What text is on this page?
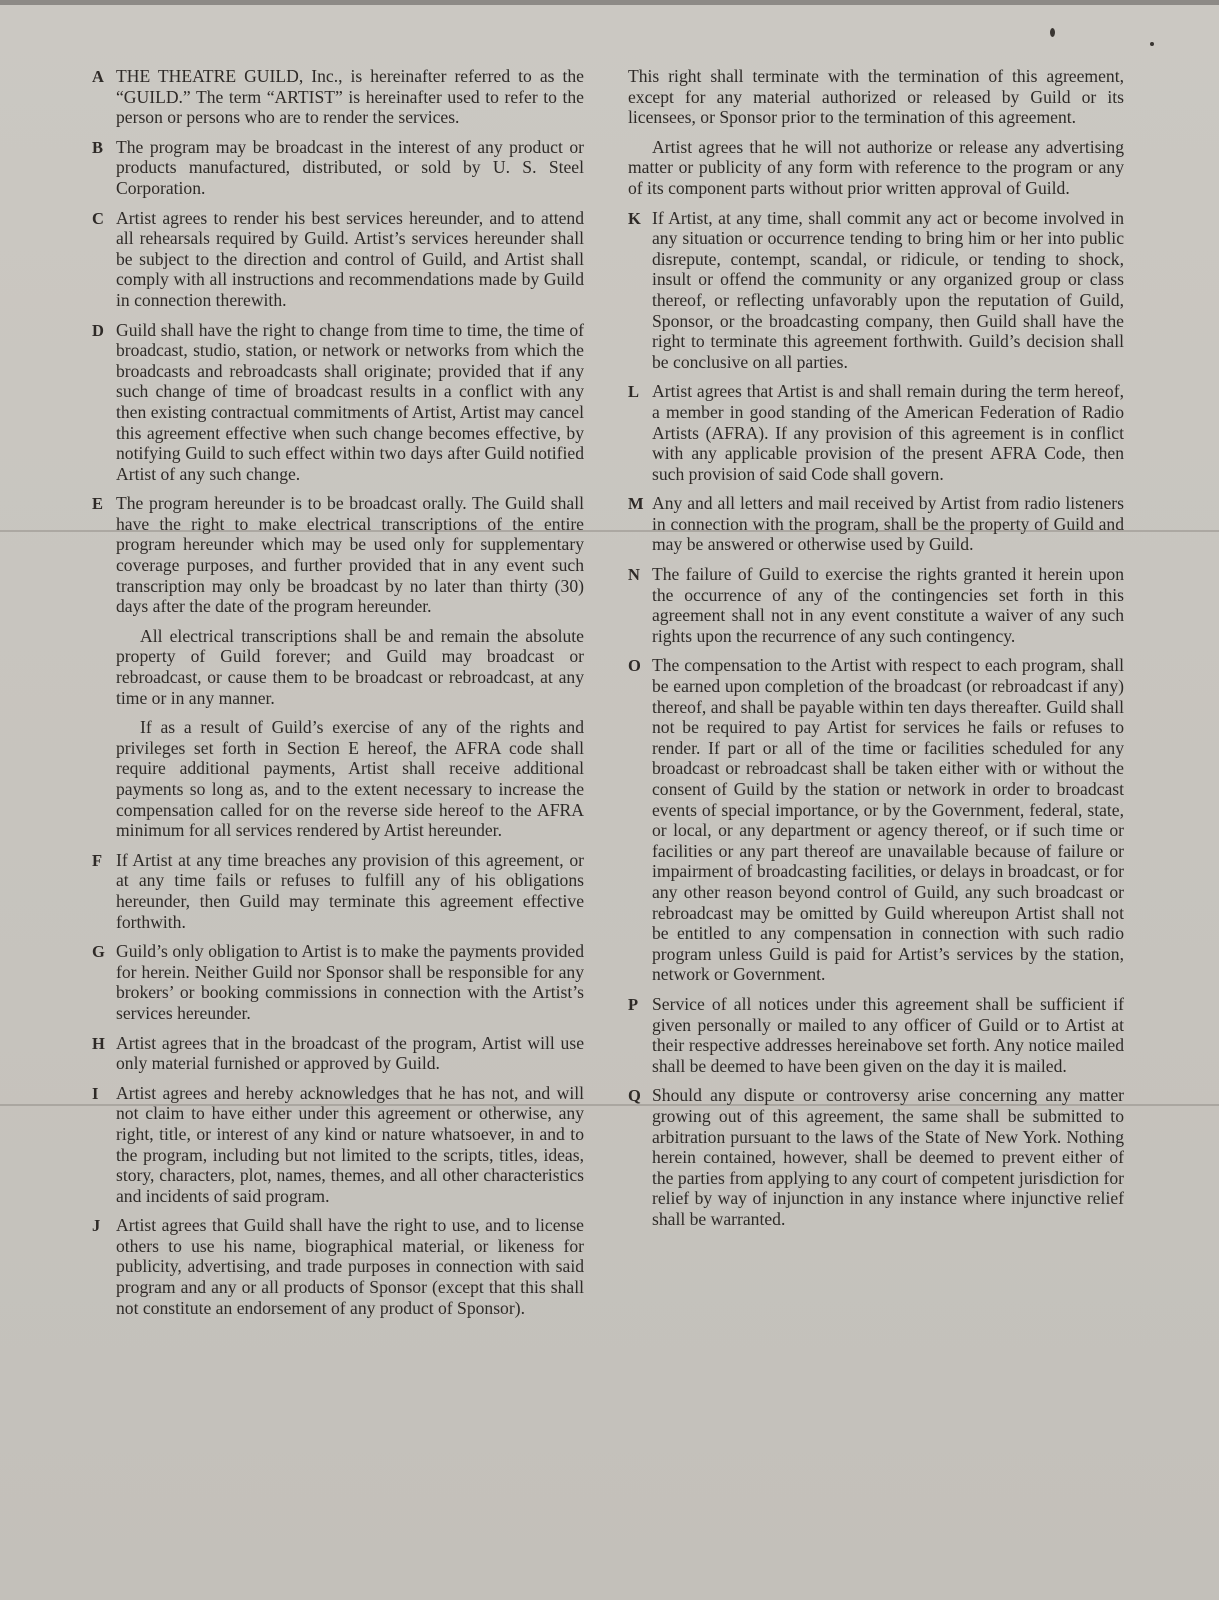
A THE THEATRE GUILD, Inc., is hereinafter referred to as the “GUILD.” The term “ARTIST” is hereinafter used to refer to the person or persons who are to render the services.
B The program may be broadcast in the interest of any product or products manufactured, distributed, or sold by U. S. Steel Corporation.
C Artist agrees to render his best services hereunder, and to attend all rehearsals required by Guild. Artist’s services hereunder shall be subject to the direction and control of Guild, and Artist shall comply with all instructions and recommendations made by Guild in connection therewith.
D Guild shall have the right to change from time to time, the time of broadcast, studio, station, or network or networks from which the broadcasts and rebroadcasts shall originate; provided that if any such change of time of broadcast results in a conflict with any then existing contractual commitments of Artist, Artist may cancel this agreement effective when such change becomes effective, by notifying Guild to such effect within two days after Guild notified Artist of any such change.
E The program hereunder is to be broadcast orally. The Guild shall have the right to make electrical transcriptions of the entire program hereunder which may be used only for supplementary coverage purposes, and further provided that in any event such transcription may only be broadcast by no later than thirty (30) days after the date of the program hereunder.
All electrical transcriptions shall be and remain the absolute property of Guild forever; and Guild may broadcast or rebroadcast, or cause them to be broadcast or rebroadcast, at any time or in any manner.
If as a result of Guild’s exercise of any of the rights and privileges set forth in Section E hereof, the AFRA code shall require additional payments, Artist shall receive additional payments so long as, and to the extent necessary to increase the compensation called for on the reverse side hereof to the AFRA minimum for all services rendered by Artist hereunder.
F If Artist at any time breaches any provision of this agreement, or at any time fails or refuses to fulfill any of his obligations hereunder, then Guild may terminate this agreement effective forthwith.
G Guild’s only obligation to Artist is to make the payments provided for herein. Neither Guild nor Sponsor shall be responsible for any brokers’ or booking commissions in connection with the Artist’s services hereunder.
H Artist agrees that in the broadcast of the program, Artist will use only material furnished or approved by Guild.
I Artist agrees and hereby acknowledges that he has not, and will not claim to have either under this agreement or otherwise, any right, title, or interest of any kind or nature whatsoever, in and to the program, including but not limited to the scripts, titles, ideas, story, characters, plot, names, themes, and all other characteristics and incidents of said program.
J Artist agrees that Guild shall have the right to use, and to license others to use his name, biographical material, or likeness for publicity, advertising, and trade purposes in connection with said program and any or all products of Sponsor (except that this shall not constitute an endorsement of any product of Sponsor).
This right shall terminate with the termination of this agreement, except for any material authorized or released by Guild or its licensees, or Sponsor prior to the termination of this agreement.
Artist agrees that he will not authorize or release any advertising matter or publicity of any form with reference to the program or any of its component parts without prior written approval of Guild.
K If Artist, at any time, shall commit any act or become involved in any situation or occurrence tending to bring him or her into public disrepute, contempt, scandal, or ridicule, or tending to shock, insult or offend the community or any organized group or class thereof, or reflecting unfavorably upon the reputation of Guild, Sponsor, or the broadcasting company, then Guild shall have the right to terminate this agreement forthwith. Guild’s decision shall be conclusive on all parties.
L Artist agrees that Artist is and shall remain during the term hereof, a member in good standing of the American Federation of Radio Artists (AFRA). If any provision of this agreement is in conflict with any applicable provision of the present AFRA Code, then such provision of said Code shall govern.
M Any and all letters and mail received by Artist from radio listeners in connection with the program, shall be the property of Guild and may be answered or otherwise used by Guild.
N The failure of Guild to exercise the rights granted it herein upon the occurrence of any of the contingencies set forth in this agreement shall not in any event constitute a waiver of any such rights upon the recurrence of any such contingency.
O The compensation to the Artist with respect to each program, shall be earned upon completion of the broadcast (or rebroadcast if any) thereof, and shall be payable within ten days thereafter. Guild shall not be required to pay Artist for services he fails or refuses to render. If part or all of the time or facilities scheduled for any broadcast or rebroadcast shall be taken either with or without the consent of Guild by the station or network in order to broadcast events of special importance, or by the Government, federal, state, or local, or any department or agency thereof, or if such time or facilities or any part thereof are unavailable because of failure or impairment of broadcasting facilities, or delays in broadcast, or for any other reason beyond control of Guild, any such broadcast or rebroadcast may be omitted by Guild whereupon Artist shall not be entitled to any compensation in connection with such radio program unless Guild is paid for Artist’s services by the station, network or Government.
P Service of all notices under this agreement shall be sufficient if given personally or mailed to any officer of Guild or to Artist at their respective addresses hereinabove set forth. Any notice mailed shall be deemed to have been given on the day it is mailed.
Q Should any dispute or controversy arise concerning any matter growing out of this agreement, the same shall be submitted to arbitration pursuant to the laws of the State of New York. Nothing herein contained, however, shall be deemed to prevent either of the parties from applying to any court of competent jurisdiction for relief by way of injunction in any instance where injunctive relief shall be warranted.
